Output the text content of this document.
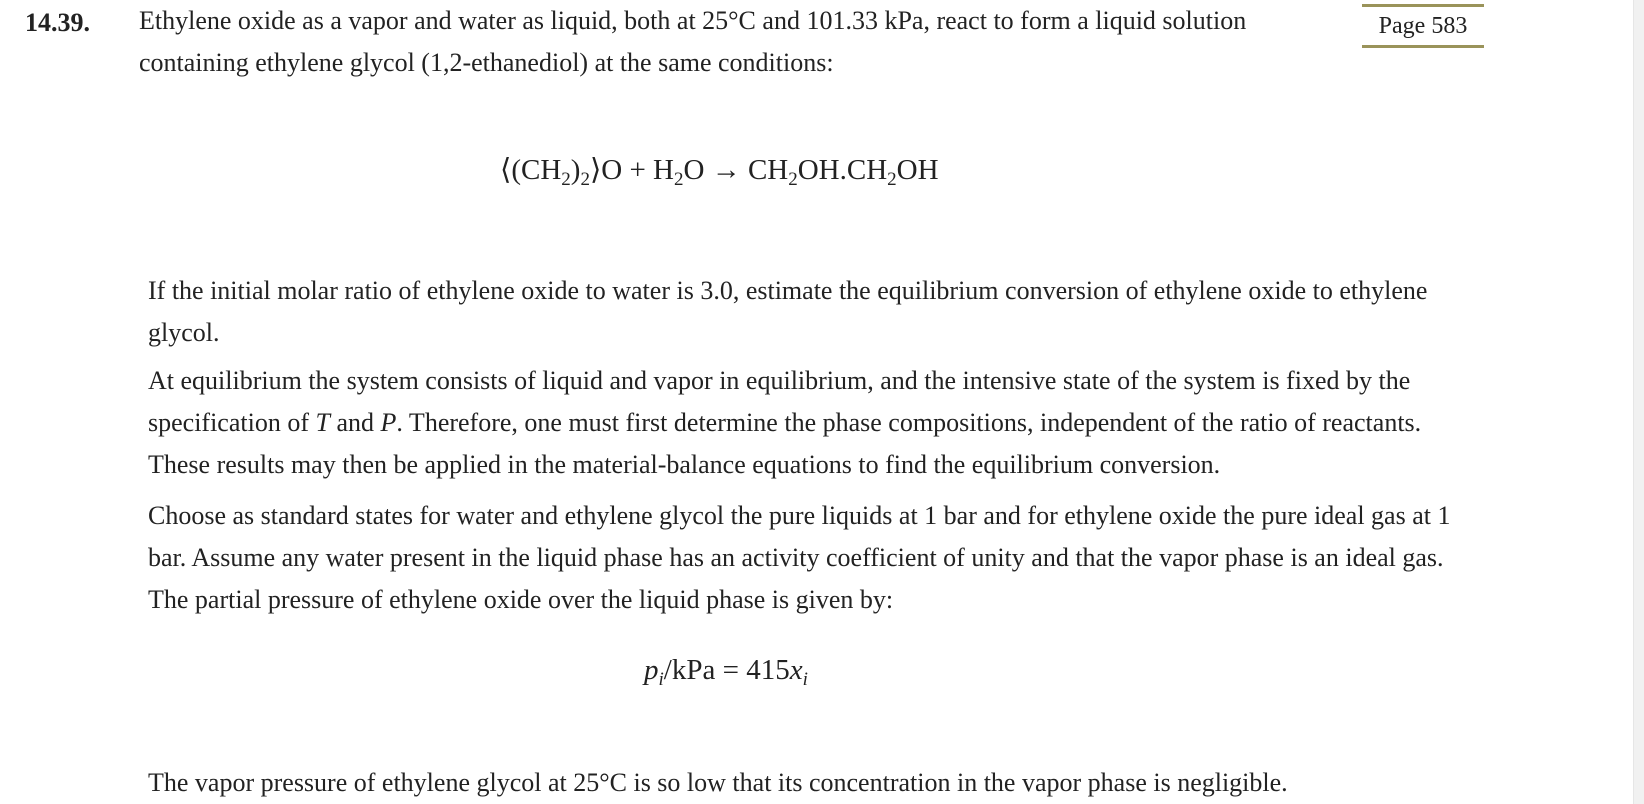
14.39. Ethylene oxide as a vapor and water as liquid, both at 25°C and 101.33 kPa, react to form a liquid solution

containing ethylene glycol (1,2-ethanediol) at the same conditions:

Page 583
$⟨(CH_2)_2⟩O + H_2O \to CH_2OH.CH_2OH$

If the initial molar ratio of ethylene oxide to water is 3.0, estimate the equilibrium conversion of ethylene oxide to ethylene glycol.

At equilibrium the system consists of liquid and vapor in equilibrium, and the intensive state of the system is fixed by the specification of T and P. Therefore, one must first determine the phase compositions, independent of the ratio of reactants. These results may then be applied in the material-balance equations to find the equilibrium conversion.

Choose as standard states for water and ethylene glycol the pure liquids at 1 bar and for ethylene oxide the pure ideal gas at 1 bar. Assume any water present in the liquid phase has an activity coefficient of unity and that the vapor phase is an ideal gas. The partial pressure of ethylene oxide over the liquid phase is given by:

$p_i$/kPa = $415x_i$

The vapor pressure of ethylene glycol at 25°C is so low that its concentration in the vapor phase is negligible.
